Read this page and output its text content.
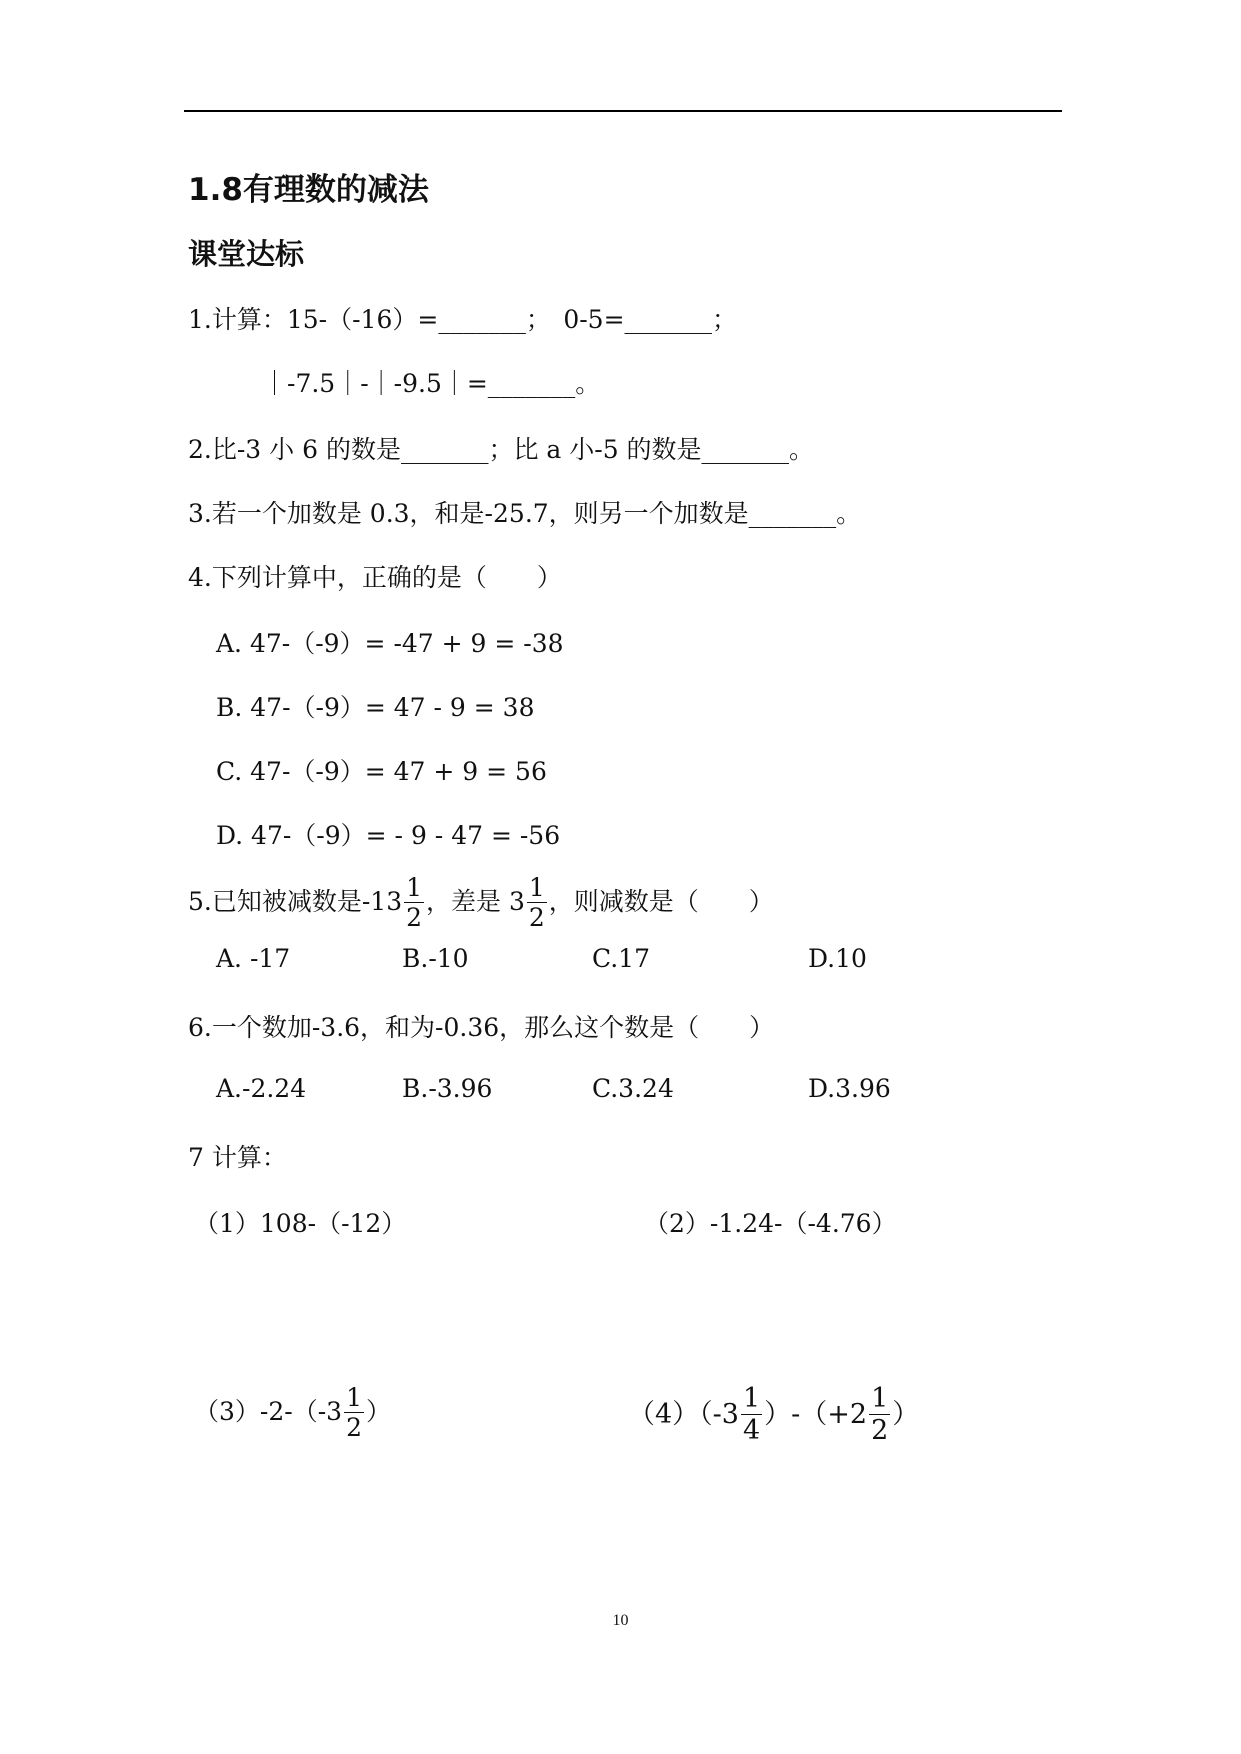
1.8有理数的减法
课堂达标
1.计算：15-（-16）=_______；　0-5=_______；
｜-7.5｜-｜-9.5｜=_______。
2.比-3 小 6 的数是_______；比 a 小-5 的数是_______。
3.若一个加数是 0.3，和是-25.7，则另一个加数是_______。
4.下列计算中，正确的是（　　）
A. 47-（-9）= -47 + 9 = -38
B. 47-（-9）= 47 - 9 = 38
C. 47-（-9）= 47 + 9 = 56
D. 47-（-9）= - 9 - 47 = -56
5.已知被减数是$-13 \frac{1}{2}$ ，差是 $3 \frac{1}{2}$ ，则减数是（　　）
A. -17	B.-10	C.17	D.10
6.一个数加-3.6，和为-0.36，那么这个数是（　　）
A.-2.24	B.-3.96	C.3.24	D.3.96
7 计算：
（1）108-（-12）	（2）-1.24-（-4.76）
$(3)-2-(-3 \frac{1}{2}$ ）	$(4)(-3 \frac{1}{4} )-(+2 \frac{1}{2}$ ）
10
